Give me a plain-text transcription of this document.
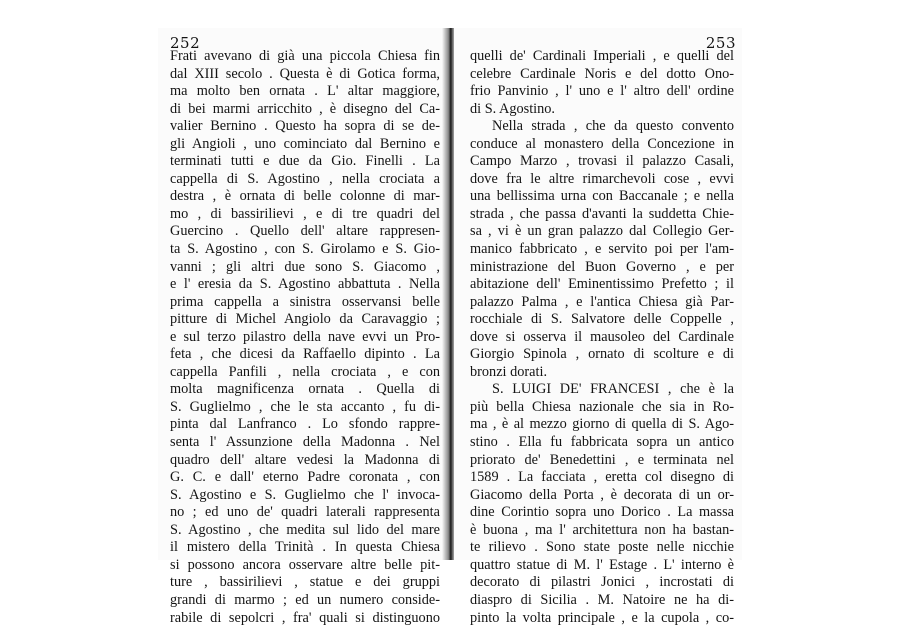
252
Frati avevano di già una piccola Chiesa fin
dal XIII secolo . Questa è di Gotica forma,
ma molto ben ornata . L' altar maggiore,
di bei marmi arricchito , è disegno del Ca-
valier Bernino . Questo ha sopra di se de-
gli Angioli , uno cominciato dal Bernino e
terminati tutti e due da Gio. Finelli . La
cappella di S. Agostino , nella crociata a
destra , è ornata di belle colonne di mar-
mo , di bassirilievi , e di tre quadri del
Guercino . Quello dell' altare rappresen-
ta S. Agostino , con S. Girolamo e S. Gio-
vanni ; gli altri due sono S. Giacomo ,
e l' eresia da S. Agostino abbattuta . Nella
prima cappella a sinistra osservansi belle
pitture di Michel Angiolo da Caravaggio ;
e sul terzo pilastro della nave evvi un Pro-
feta , che dicesi da Raffaello dipinto . La
cappella Panfili , nella crociata , e con
molta magnificenza ornata . Quella di
S. Guglielmo , che le sta accanto , fu di-
pinta dal Lanfranco . Lo sfondo rappre-
senta l' Assunzione della Madonna . Nel
quadro dell' altare vedesi la Madonna di
G. C. e dall' eterno Padre coronata , con
S. Agostino e S. Guglielmo che l' invoca-
no ; ed uno de' quadri laterali rappresenta
S. Agostino , che medita sul lido del mare
il mistero della Trinità . In questa Chiesa
si possono ancora osservare altre belle pit-
ture , bassirilievi , statue e dei gruppi
grandi di marmo ; ed un numero conside-
rabile di sepolcri , fra' quali si distinguono
253
quelli de' Cardinali Imperiali , e quelli del
celebre Cardinale Noris e del dotto Ono-
frio Panvinio , l' uno e l' altro dell' ordine
di S. Agostino.
Nella strada , che da questo convento
conduce al monastero della Concezione in
Campo Marzo , trovasi il palazzo Casali,
dove fra le altre rimarchevoli cose , evvi
una bellissima urna con Baccanale ; e nella
strada , che passa d'avanti la suddetta Chie-
sa , vi è un gran palazzo dal Collegio Ger-
manico fabbricato , e servito poi per l'am-
ministrazione del Buon Governo , e per
abitazione dell' Eminentissimo Prefetto ; il
palazzo Palma , e l'antica Chiesa già Par-
rocchiale di S. Salvatore delle Coppelle ,
dove si osserva il mausoleo del Cardinale
Giorgio Spinola , ornato di scolture e di
bronzi dorati.
S. LUIGI DE' FRANCESI , che è la
più bella Chiesa nazionale che sia in Ro-
ma , è al mezzo giorno di quella di S. Ago-
stino . Ella fu fabbricata sopra un antico
priorato de' Benedettini , e terminata nel
1589 . La facciata , eretta col disegno di
Giacomo della Porta , è decorata di un or-
dine Corintio sopra uno Dorico . La massa
è buona , ma l' architettura non ha bastan-
te rilievo . Sono state poste nelle nicchie
quattro statue di M. l' Estage . L' interno è
decorato di pilastri Jonici , incrostati di
diaspro di Sicilia . M. Natoire ne ha di-
pinto la volta principale , e la cupola , co-
